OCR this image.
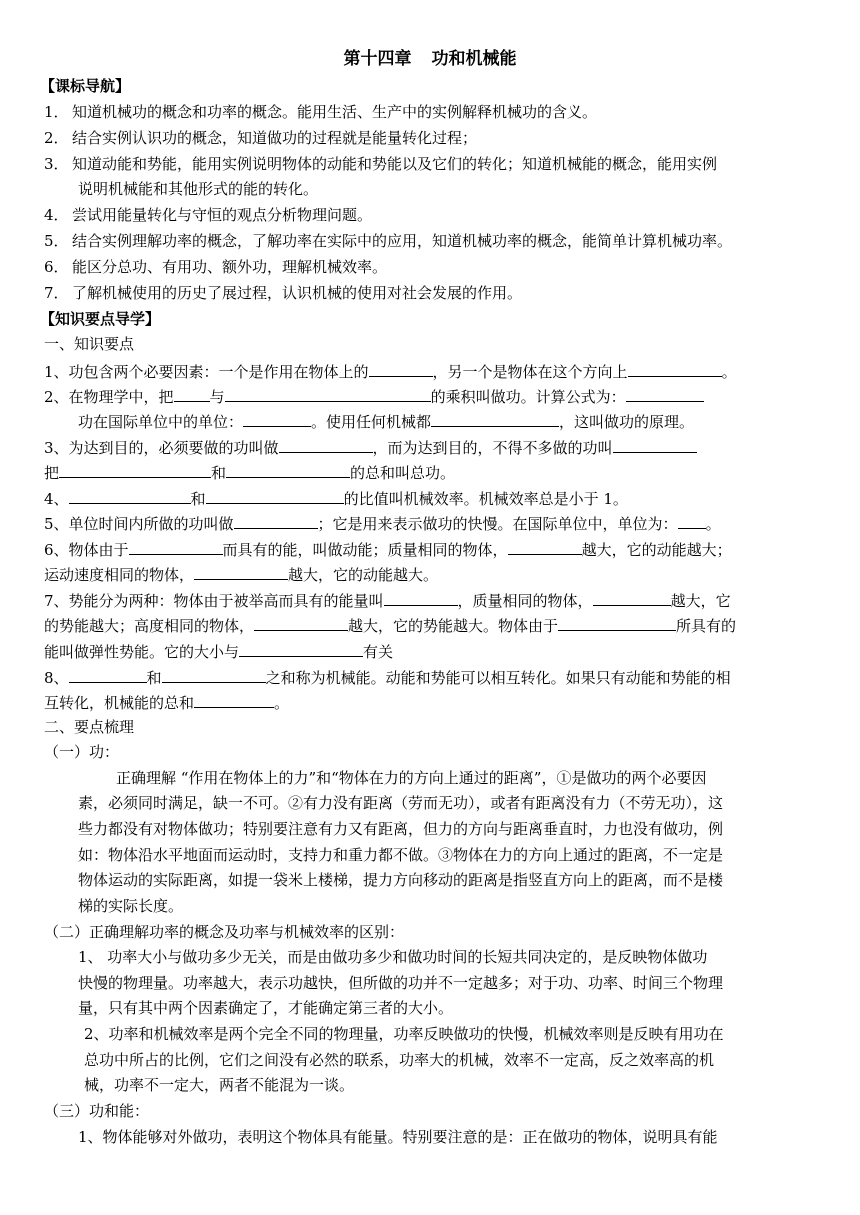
第十四章 功和机械能
【课标导航】
1． 知道机械功的概念和功率的概念。能用生活、生产中的实例解释机械功的含义。
2． 结合实例认识功的概念，知道做功的过程就是能量转化过程；
3． 知道动能和势能，能用实例说明物体的动能和势能以及它们的转化；知道机械能的概念，能用实例
说明机械能和其他形式的能的转化。
4． 尝试用能量转化与守恒的观点分析物理问题。
5． 结合实例理解功率的概念，了解功率在实际中的应用，知道机械功率的概念，能简单计算机械功率。
6． 能区分总功、有用功、额外功，理解机械效率。
7． 了解机械使用的历史了展过程，认识机械的使用对社会发展的作用。
【知识要点导学】
一、知识要点
1、功包含两个必要因素：一个是作用在物体上的	，另一个是物体在这个方向上	。
2、在物理学中，把 与	的乘积叫做功。计算公式为：
功在国际单位中的单位：	。使用任何机械都	，这叫做功的原理。
3、为达到目的，必须要做的功叫做	，而为达到目的，不得不多做的功叫
把	和	的总和叫总功。
4、	和	的比值叫机械效率。机械效率总是小于 1。
5、单位时间内所做的功叫做	；它是用来表示做功的快慢。在国际单位中，单位为： 。
6、物体由于	而具有的能，叫做动能；质量相同的物体，	越大，它的动能越大；
运动速度相同的物体，	越大，它的动能越大。
7、势能分为两种：物体由于被举高而具有的能量叫	，质量相同的物体，	越大，它
的势能越大；高度相同的物体，	越大，它的势能越大。物体由于	所具有的
能叫做弹性势能。它的大小与	有关
8、	和	之和称为机械能。动能和势能可以相互转化。如果只有动能和势能的相
互转化，机械能的总和	。
二、要点梳理
（一）功：
正确理解 “作用在物体上的力”和“物体在力的方向上通过的距离”，①是做功的两个必要因
素，必须同时满足，缺一不可。②有力没有距离（劳而无功），或者有距离没有力（不劳无功），这
些力都没有对物体做功；特别要注意有力又有距离，但力的方向与距离垂直时，力也没有做功，例
如：物体沿水平地面而运动时，支持力和重力都不做。③物体在力的方向上通过的距离，不一定是
物体运动的实际距离，如提一袋米上楼梯，提力方向移动的距离是指竖直方向上的距离，而不是楼
梯的实际长度。
（二）正确理解功率的概念及功率与机械效率的区别：
1、 功率大小与做功多少无关，而是由做功多少和做功时间的长短共同决定的，是反映物体做功
快慢的物理量。功率越大，表示功越快，但所做的功并不一定越多；对于功、功率、时间三个物理
量，只有其中两个因素确定了，才能确定第三者的大小。
2、功率和机械效率是两个完全不同的物理量，功率反映做功的快慢，机械效率则是反映有用功在
总功中所占的比例，它们之间没有必然的联系，功率大的机械，效率不一定高，反之效率高的机
械，功率不一定大，两者不能混为一谈。
（三）功和能：
1、物体能够对外做功，表明这个物体具有能量。特别要注意的是：正在做功的物体，说明具有能
